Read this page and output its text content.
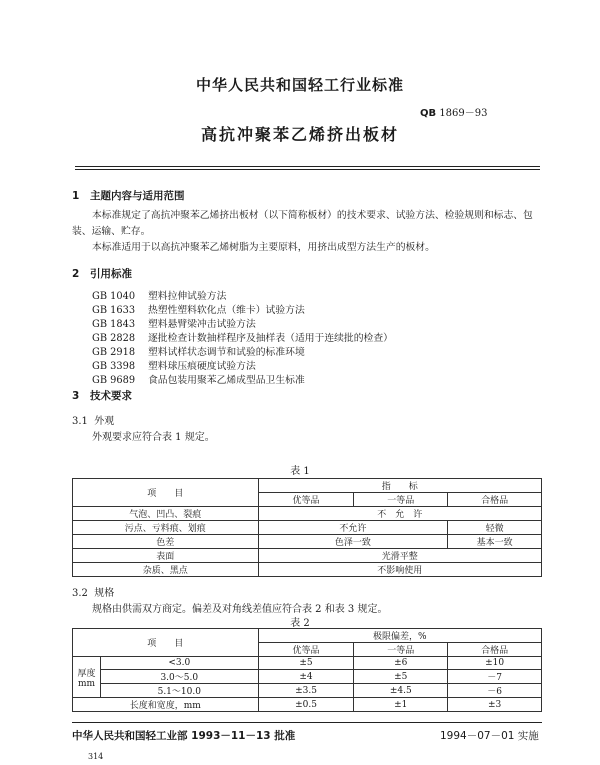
中华人民共和国轻工行业标准
QB 1869－93
高抗冲聚苯乙烯挤出板材
1 主题内容与适用范围
本标准规定了高抗冲聚苯乙烯挤出板材（以下简称板材）的技术要求、试验方法、检验规则和标志、包装、运输、贮存。
本标准适用于以高抗冲聚苯乙烯树脂为主要原料，用挤出成型方法生产的板材。
2 引用标准
GB 1040 塑料拉伸试验方法
GB 1633 热塑性塑料软化点（维卡）试验方法
GB 1843 塑料悬臂梁冲击试验方法
GB 2828 逐批检查计数抽样程序及抽样表（适用于连续批的检查）
GB 2918 塑料试样状态调节和试验的标准环境
GB 3398 塑料球压痕硬度试验方法
GB 9689 食品包装用聚苯乙烯成型品卫生标准
3 技术要求
3.1 外观
外观要求应符合表 1 规定。
表 1
项　　目	指　　标		
	优等品	一等品	合格品
气泡、凹凸、裂痕	不　允　许		
污点、亏料痕、划痕	不允许		轻微
色差	色泽一致		基本一致
表面	光滑平整		
杂质、黑点	不影响使用		
3.2 规格
规格由供需双方商定。偏差及对角线差值应符合表 2 和表 3 规定。
表 2
项　　目		极限偏差，%		
		优等品	一等品	合格品

厚度
mm	<3.0	±5	±6	±10
	3.0～5.0	±4	±5	－7
	5.1～10.0	±3.5	±4.5	－6
长度和宽度，mm		±0.5	±1	±3
中华人民共和国轻工业部 1993－11－13 批准	1994－07－01 实施
314
